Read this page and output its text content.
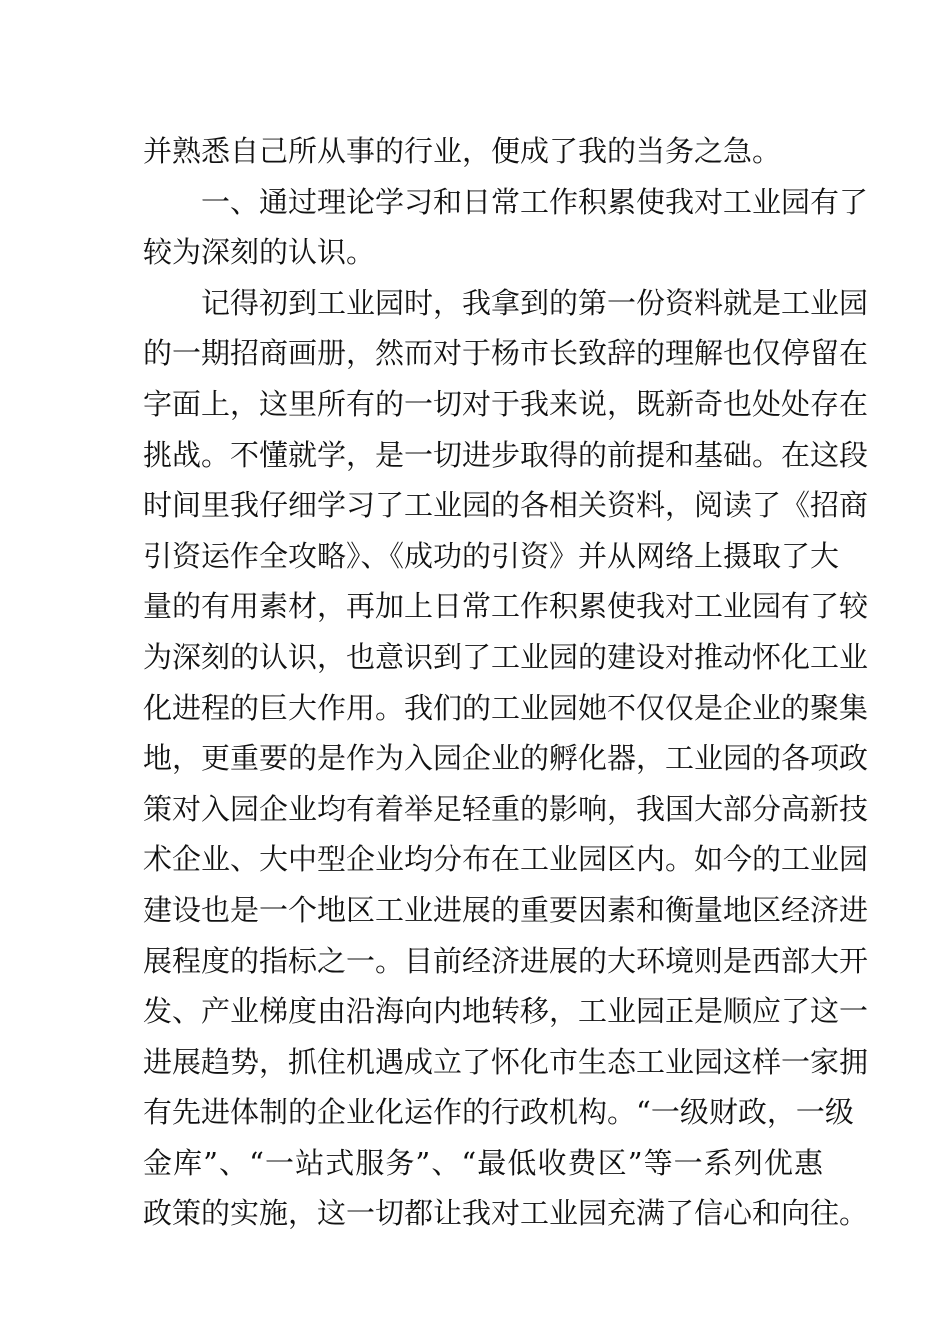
并熟悉自己所从事的行业，便成了我的当务之急。
一、通过理论学习和日常工作积累使我对工业园有了
较为深刻的认识。
记得初到工业园时，我拿到的第一份资料就是工业园
的一期招商画册，然而对于杨市长致辞的理解也仅停留在
字面上，这里所有的一切对于我来说，既新奇也处处存在
挑战。不懂就学，是一切进步取得的前提和基础。在这段
时间里我仔细学习了工业园的各相关资料，阅读了《招商
引资运作全攻略》、《成功的引资》并从网络上摄取了大
量的有用素材，再加上日常工作积累使我对工业园有了较
为深刻的认识，也意识到了工业园的建设对推动怀化工业
化进程的巨大作用。我们的工业园她不仅仅是企业的聚集
地，更重要的是作为入园企业的孵化器，工业园的各项政
策对入园企业均有着举足轻重的影响，我国大部分高新技
术企业、大中型企业均分布在工业园区内。如今的工业园
建设也是一个地区工业进展的重要因素和衡量地区经济进
展程度的指标之一。目前经济进展的大环境则是西部大开
发、产业梯度由沿海向内地转移，工业园正是顺应了这一
进展趋势，抓住机遇成立了怀化市生态工业园这样一家拥
有先进体制的企业化运作的行政机构。“一级财政，一级
金库”、“一站式服务”、“最低收费区”等一系列优惠
政策的实施，这一切都让我对工业园充满了信心和向往。
